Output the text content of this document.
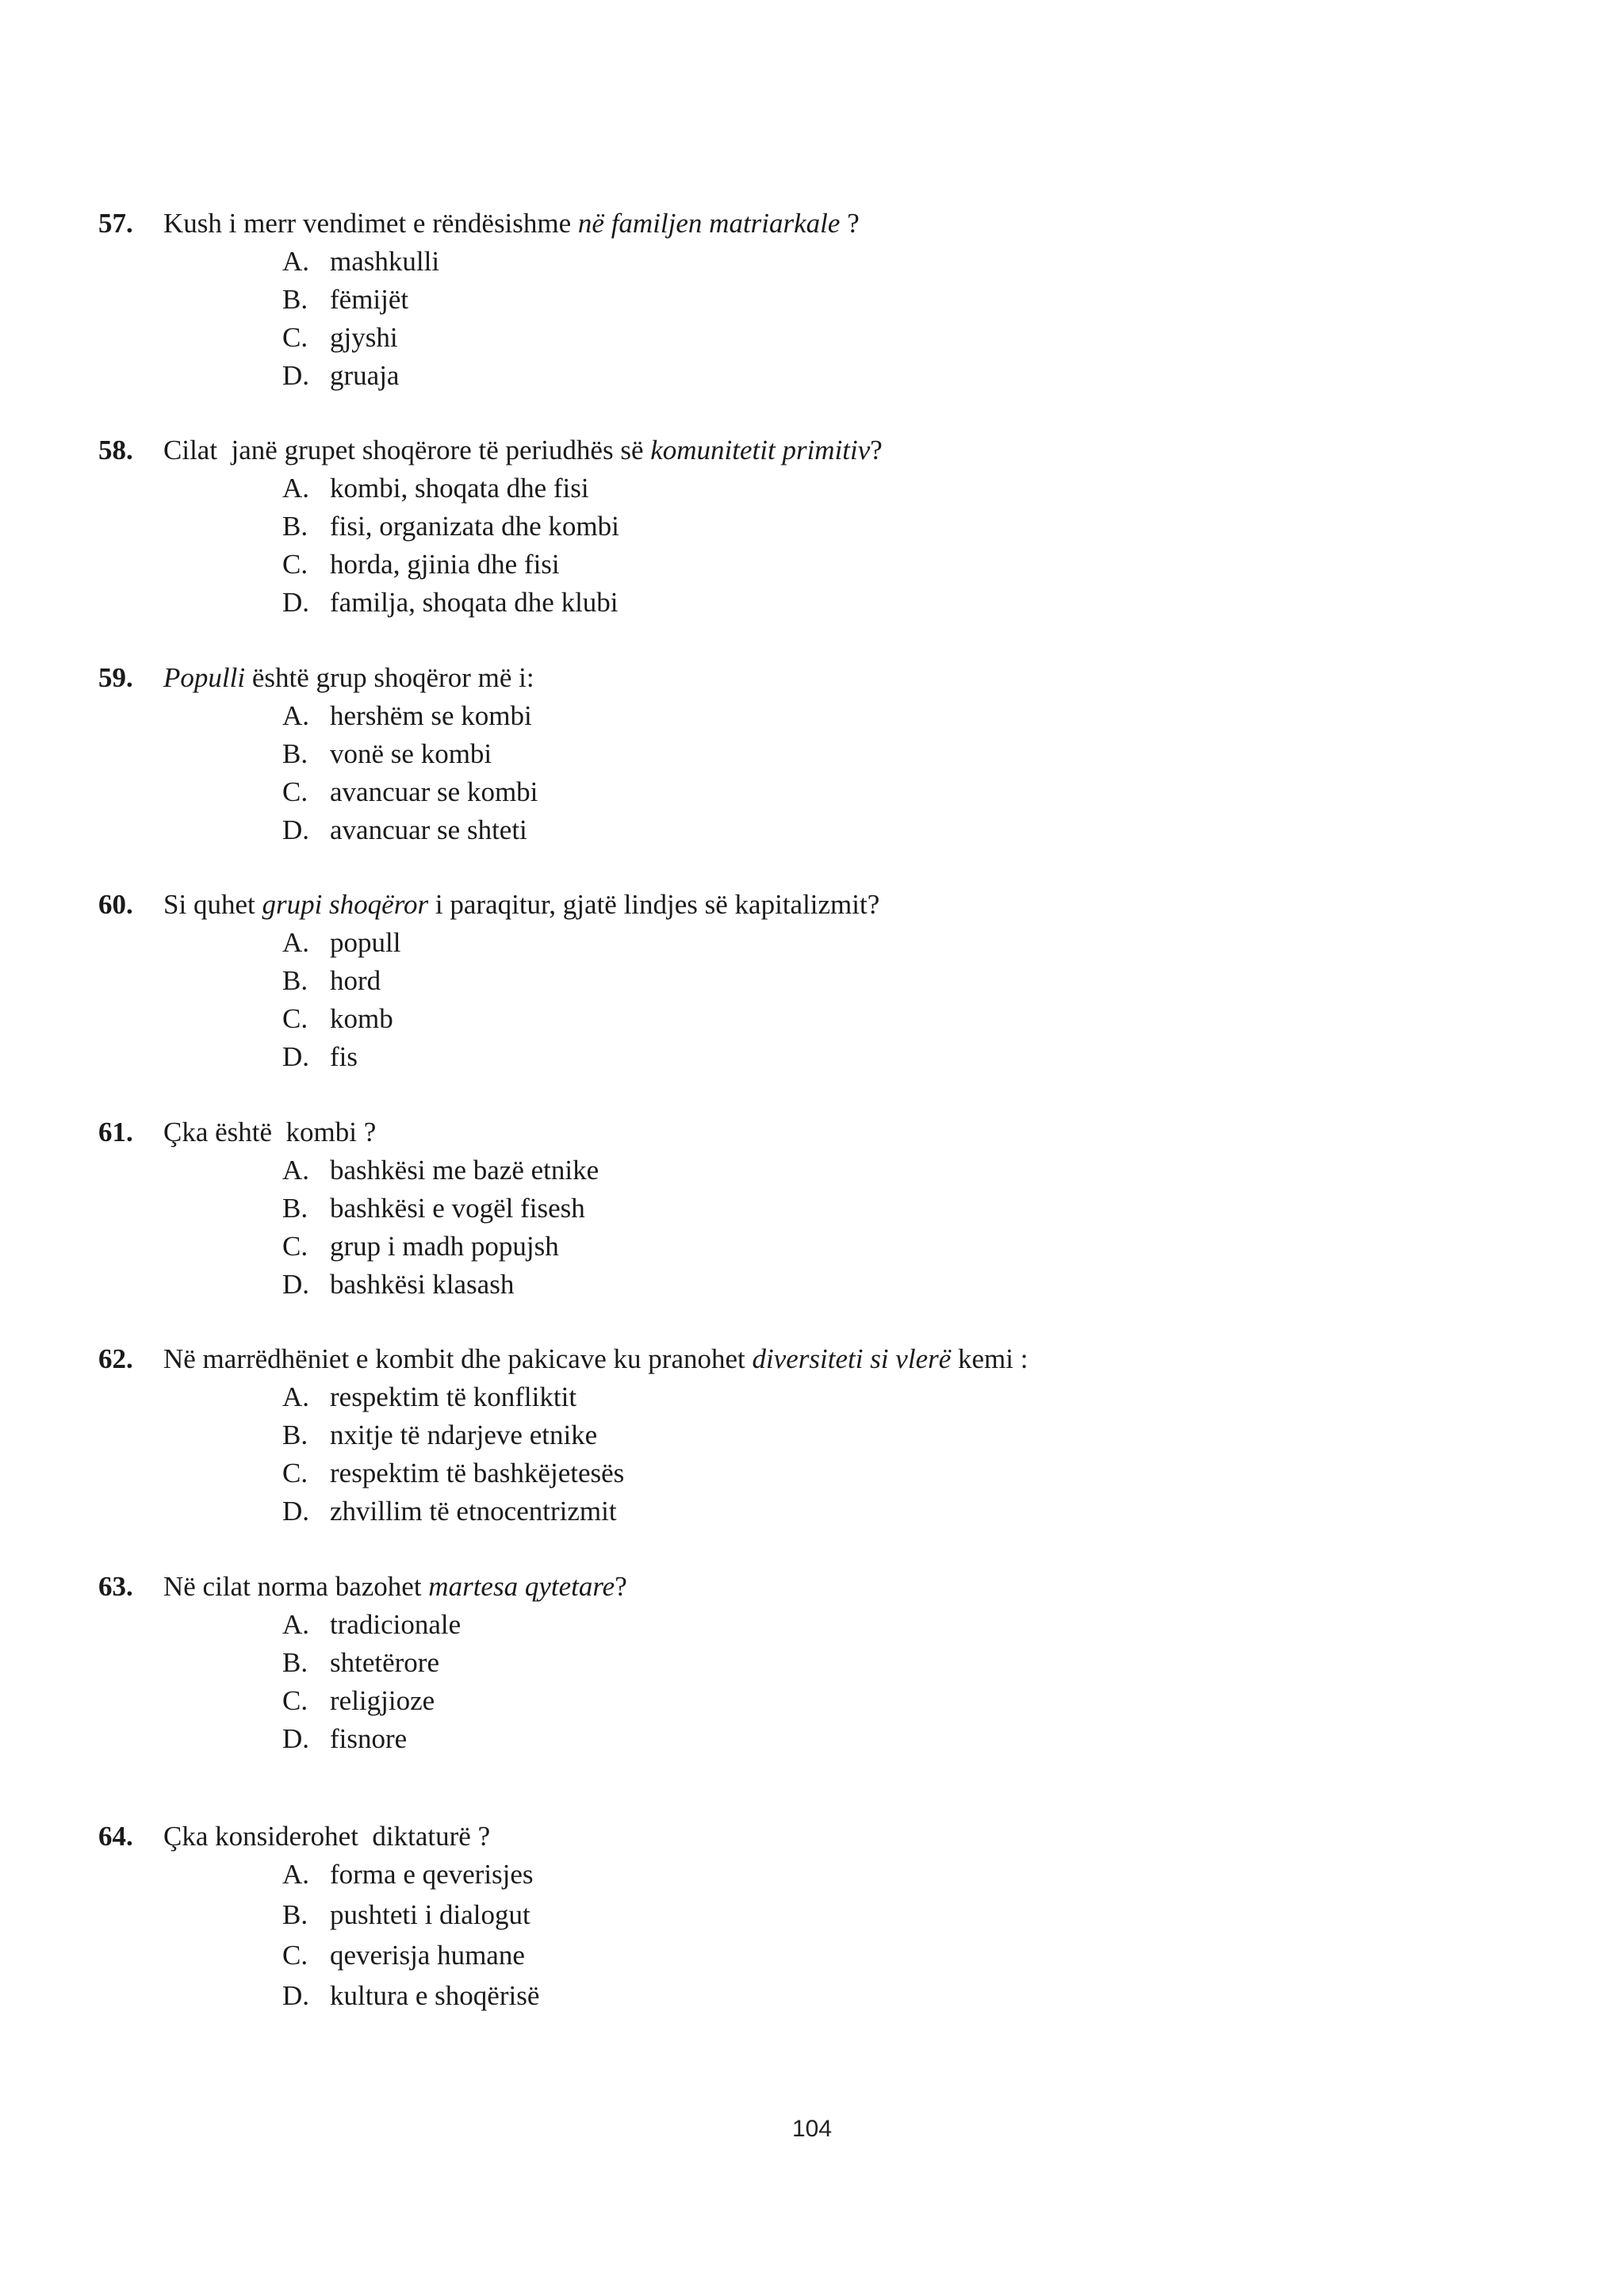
57.	Kush i merr vendimet e rëndësishme në familjen matriarkale ?
A. mashkulli
B. fëmijët
C. gjyshi
D. gruaja
58.	Cilat  janë grupet shoqërore të periudhës së komunitetit primitiv?
A. kombi, shoqata dhe fisi
B. fisi, organizata dhe kombi
C. horda, gjinia dhe fisi
D. familja, shoqata dhe klubi
59.	Populli është grup shoqëror më i:
A. hershëm se kombi
B. vonë se kombi
C. avancuar se kombi
D. avancuar se shteti
60.	Si quhet grupi shoqëror i paraqitur, gjatë lindjes së kapitalizmit?
A. popull
B. hord
C. komb
D. fis
61.	Çka është  kombi ?
A. bashkësi me bazë etnike
B. bashkësi e vogël fisesh
C. grup i madh popujsh
D. bashkësi klasash
62.	Në marrëdhëniet e kombit dhe pakicave ku pranohet diversiteti si vlerë kemi :
A. respektim të konfliktit
B. nxitje të ndarjeve etnike
C. respektim të bashkëjetesës
D. zhvillim të etnocentrizmit
63.	Në cilat norma bazohet martesa qytetare?
A. tradicionale
B. shtetërore
C. religjioze
D. fisnore
64.	Çka konsiderohet  diktaturë ?
A. forma e qeverisjes
B. pushteti i dialogut
C. qeverisja humane
D. kultura e shoqërisë
104
